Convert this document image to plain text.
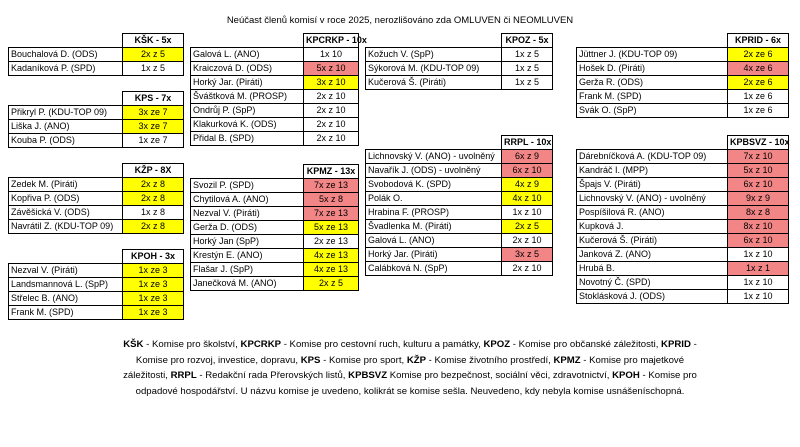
Neúčast členů komisí v roce 2025, nerozlišováno zda OMLUVEN či NEOMLUVEN
	KŠK - 5x
Bouchalová D. (ODS)	2x z 5
Kadaníková P. (SPD)	1x z 5
	KPS - 7x
Přikryl P. (KDU-TOP 09)	3x ze 7
Liška J. (ANO)	3x ze 7
Kouba P. (ODS)	1x ze 7
	KŽP - 8X
Zedek M. (Piráti)	2x z 8
Kopřiva P. (ODS)	2x z 8
Závěšická V. (ODS)	1x z 8
Navrátil Z. (KDU-TOP 09)	2x z 8
	KPOH - 3x
Nezval V. (Piráti)	1x ze 3
Landsmannová L. (SpP)	1x ze 3
Střelec B. (ANO)	1x ze 3
Frank M. (SPD)	1x ze 3
	KPCRKP - 10x
Galová L. (ANO)	1x 10
Kraiczová D. (ODS)	5x z 10
Horký Jar. (Piráti)	3x z 10
Šváštková M. (PROSP)	2x z 10
Ondrůj P. (SpP)	2x z 10
Klakurková K. (ODS)	2x z 10
Přidal B. (SPD)	2x z 10
	KPMZ - 13x
Svozil P. (SPD)	7x ze 13
Chytilová A. (ANO)	5x z 8
Nezval V. (Piráti)	7x ze 13
Gerža D. (ODS)	5x ze 13
Horký Jan (SpP)	2x ze 13
Krestýn E. (ANO)	4x ze 13
Flašar J. (SpP)	4x ze 13
Janečková M. (ANO)	2x z 5
	KPOZ - 5x
Kožuch V. (SpP)	1x z 5
Sýkorová M. (KDU-TOP 09)	1x z 5
Kučerová Š. (Piráti)	1x z 5
	RRPL - 10x
Lichnovský V. (ANO) - uvolněný	6x z 9
Navařík J. (ODS) - uvolněný	6x z 10
Svobodová K. (SPD)	4x z 9
Polák O.	4x z 10
Hrabina F. (PROSP)	1x z 10
Švadlenka M. (Piráti)	2x z 5
Galová L. (ANO)	2x z 10
Horký Jar. (Piráti)	3x z 5
Calábková N. (SpP)	2x z 10
	KPRID - 6x
Jüttner J. (KDU-TOP 09)	2x ze 6
Hošek D. (Piráti)	4x ze 6
Gerža R. (ODS)	2x ze 6
Frank M. (SPD)	1x ze 6
Svák O. (SpP)	1x ze 6
	KPBSVZ - 10x
Dárebníčková A. (KDU-TOP 09)	7x z 10
Kandráč I. (MPP)	5x z 10
Špajs V. (Piráti)	6x z 10
Lichnovský V. (ANO) - uvolněný	9x z 9
Pospíšilová R. (ANO)	8x z 8
Kupková J.	8x z 10
Kučerová Š. (Piráti)	6x z 10
Janková Z. (ANO)	1x z 10
Hrubá B.	1x z 1
Novotný Č. (SPD)	1x z 10
Stoklásková J. (ODS)	1x z 10
KŠK - Komise pro školství, KPCRKP - Komise pro cestovní ruch, kulturu a památky, KPOZ - Komise pro občanské záležitosti, KPRID - Komise pro rozvoj, investice, dopravu, KPS - Komise pro sport, KŽP - Komise životního prostředí, KPMZ - Komise pro majetkové záležitosti, RRPL - Redakční rada Přerovských listů, KPBSVZ Komise pro bezpečnost, sociální věci, zdravotnictví, KPOH - Komise pro odpadové hospodářství. U názvu komise je uvedeno, kolikrát se komise sešla. Neuvedeno, kdy nebyla komise usnášeníschopná.
